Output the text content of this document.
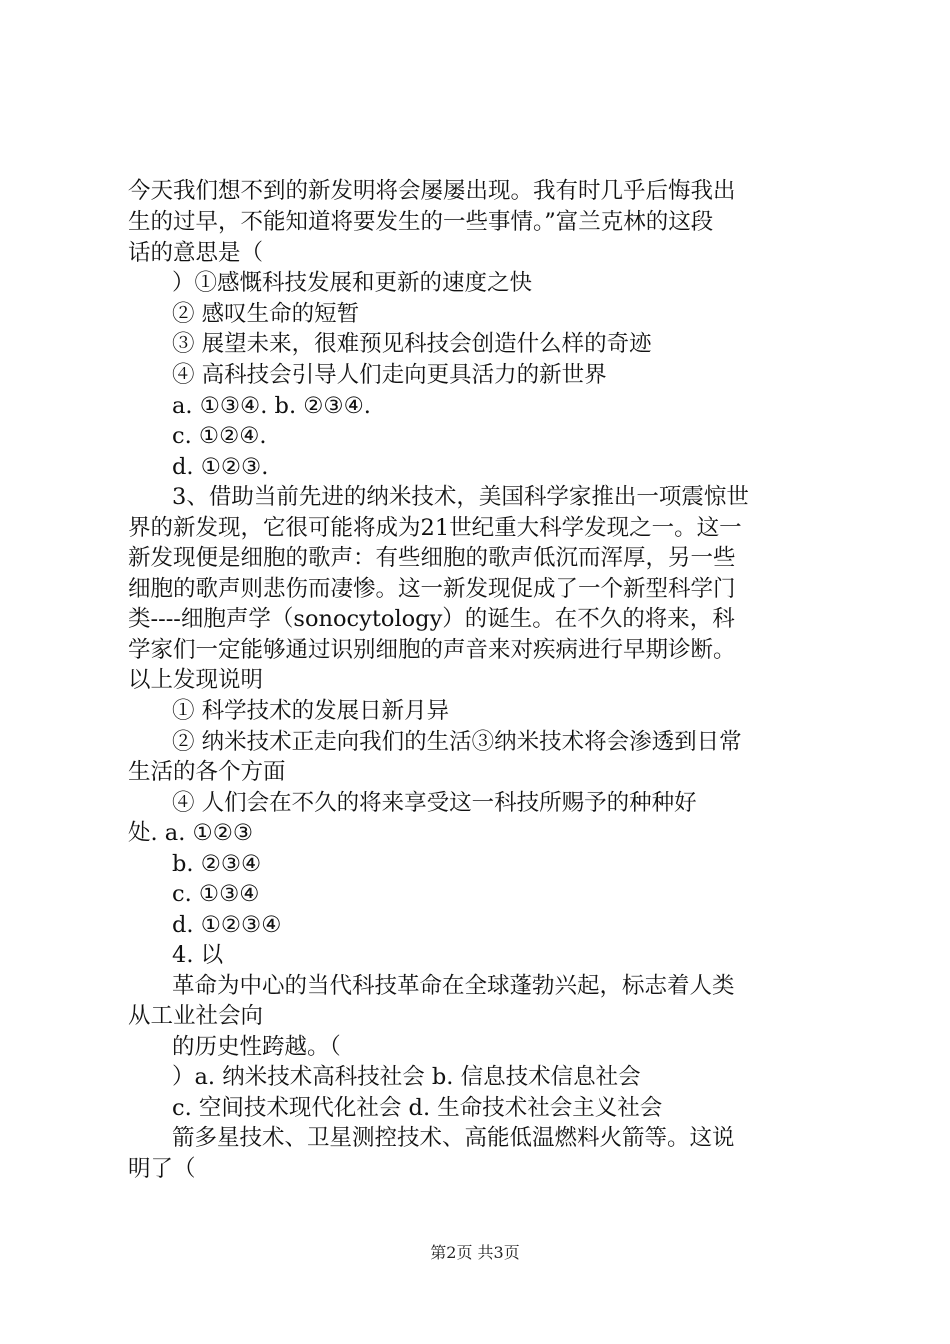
今天我们想不到的新发明将会屡屡出现。我有时几乎后悔我出
生的过早，不能知道将要发生的一些事情。”富兰克林的这段
话的意思是（
）①感慨科技发展和更新的速度之快
② 感叹生命的短暂
③ 展望未来，很难预见科技会创造什么样的奇迹
④ 高科技会引导人们走向更具活力的新世界
a. ①③④. b. ②③④.
c. ①②④.
d. ①②③.
3、借助当前先进的纳米技术，美国科学家推出一项震惊世
界的新发现，它很可能将成为21世纪重大科学发现之一。这一
新发现便是细胞的歌声：有些细胞的歌声低沉而浑厚，另一些
细胞的歌声则悲伤而凄惨。这一新发现促成了一个新型科学门
类----细胞声学（sonocytology）的诞生。在不久的将来，科
学家们一定能够通过识别细胞的声音来对疾病进行早期诊断。
以上发现说明
① 科学技术的发展日新月异
② 纳米技术正走向我们的生活③纳米技术将会渗透到日常
生活的各个方面
④ 人们会在不久的将来享受这一科技所赐予的种种好
处. a. ①②③
b. ②③④
c. ①③④
d. ①②③④
4. 以
革命为中心的当代科技革命在全球蓬勃兴起，标志着人类
从工业社会向
的历史性跨越。（
）a. 纳米技术高科技社会 b. 信息技术信息社会
c. 空间技术现代化社会 d. 生命技术社会主义社会
箭多星技术、卫星测控技术、高能低温燃料火箭等。这说
明了（
第2页 共3页
